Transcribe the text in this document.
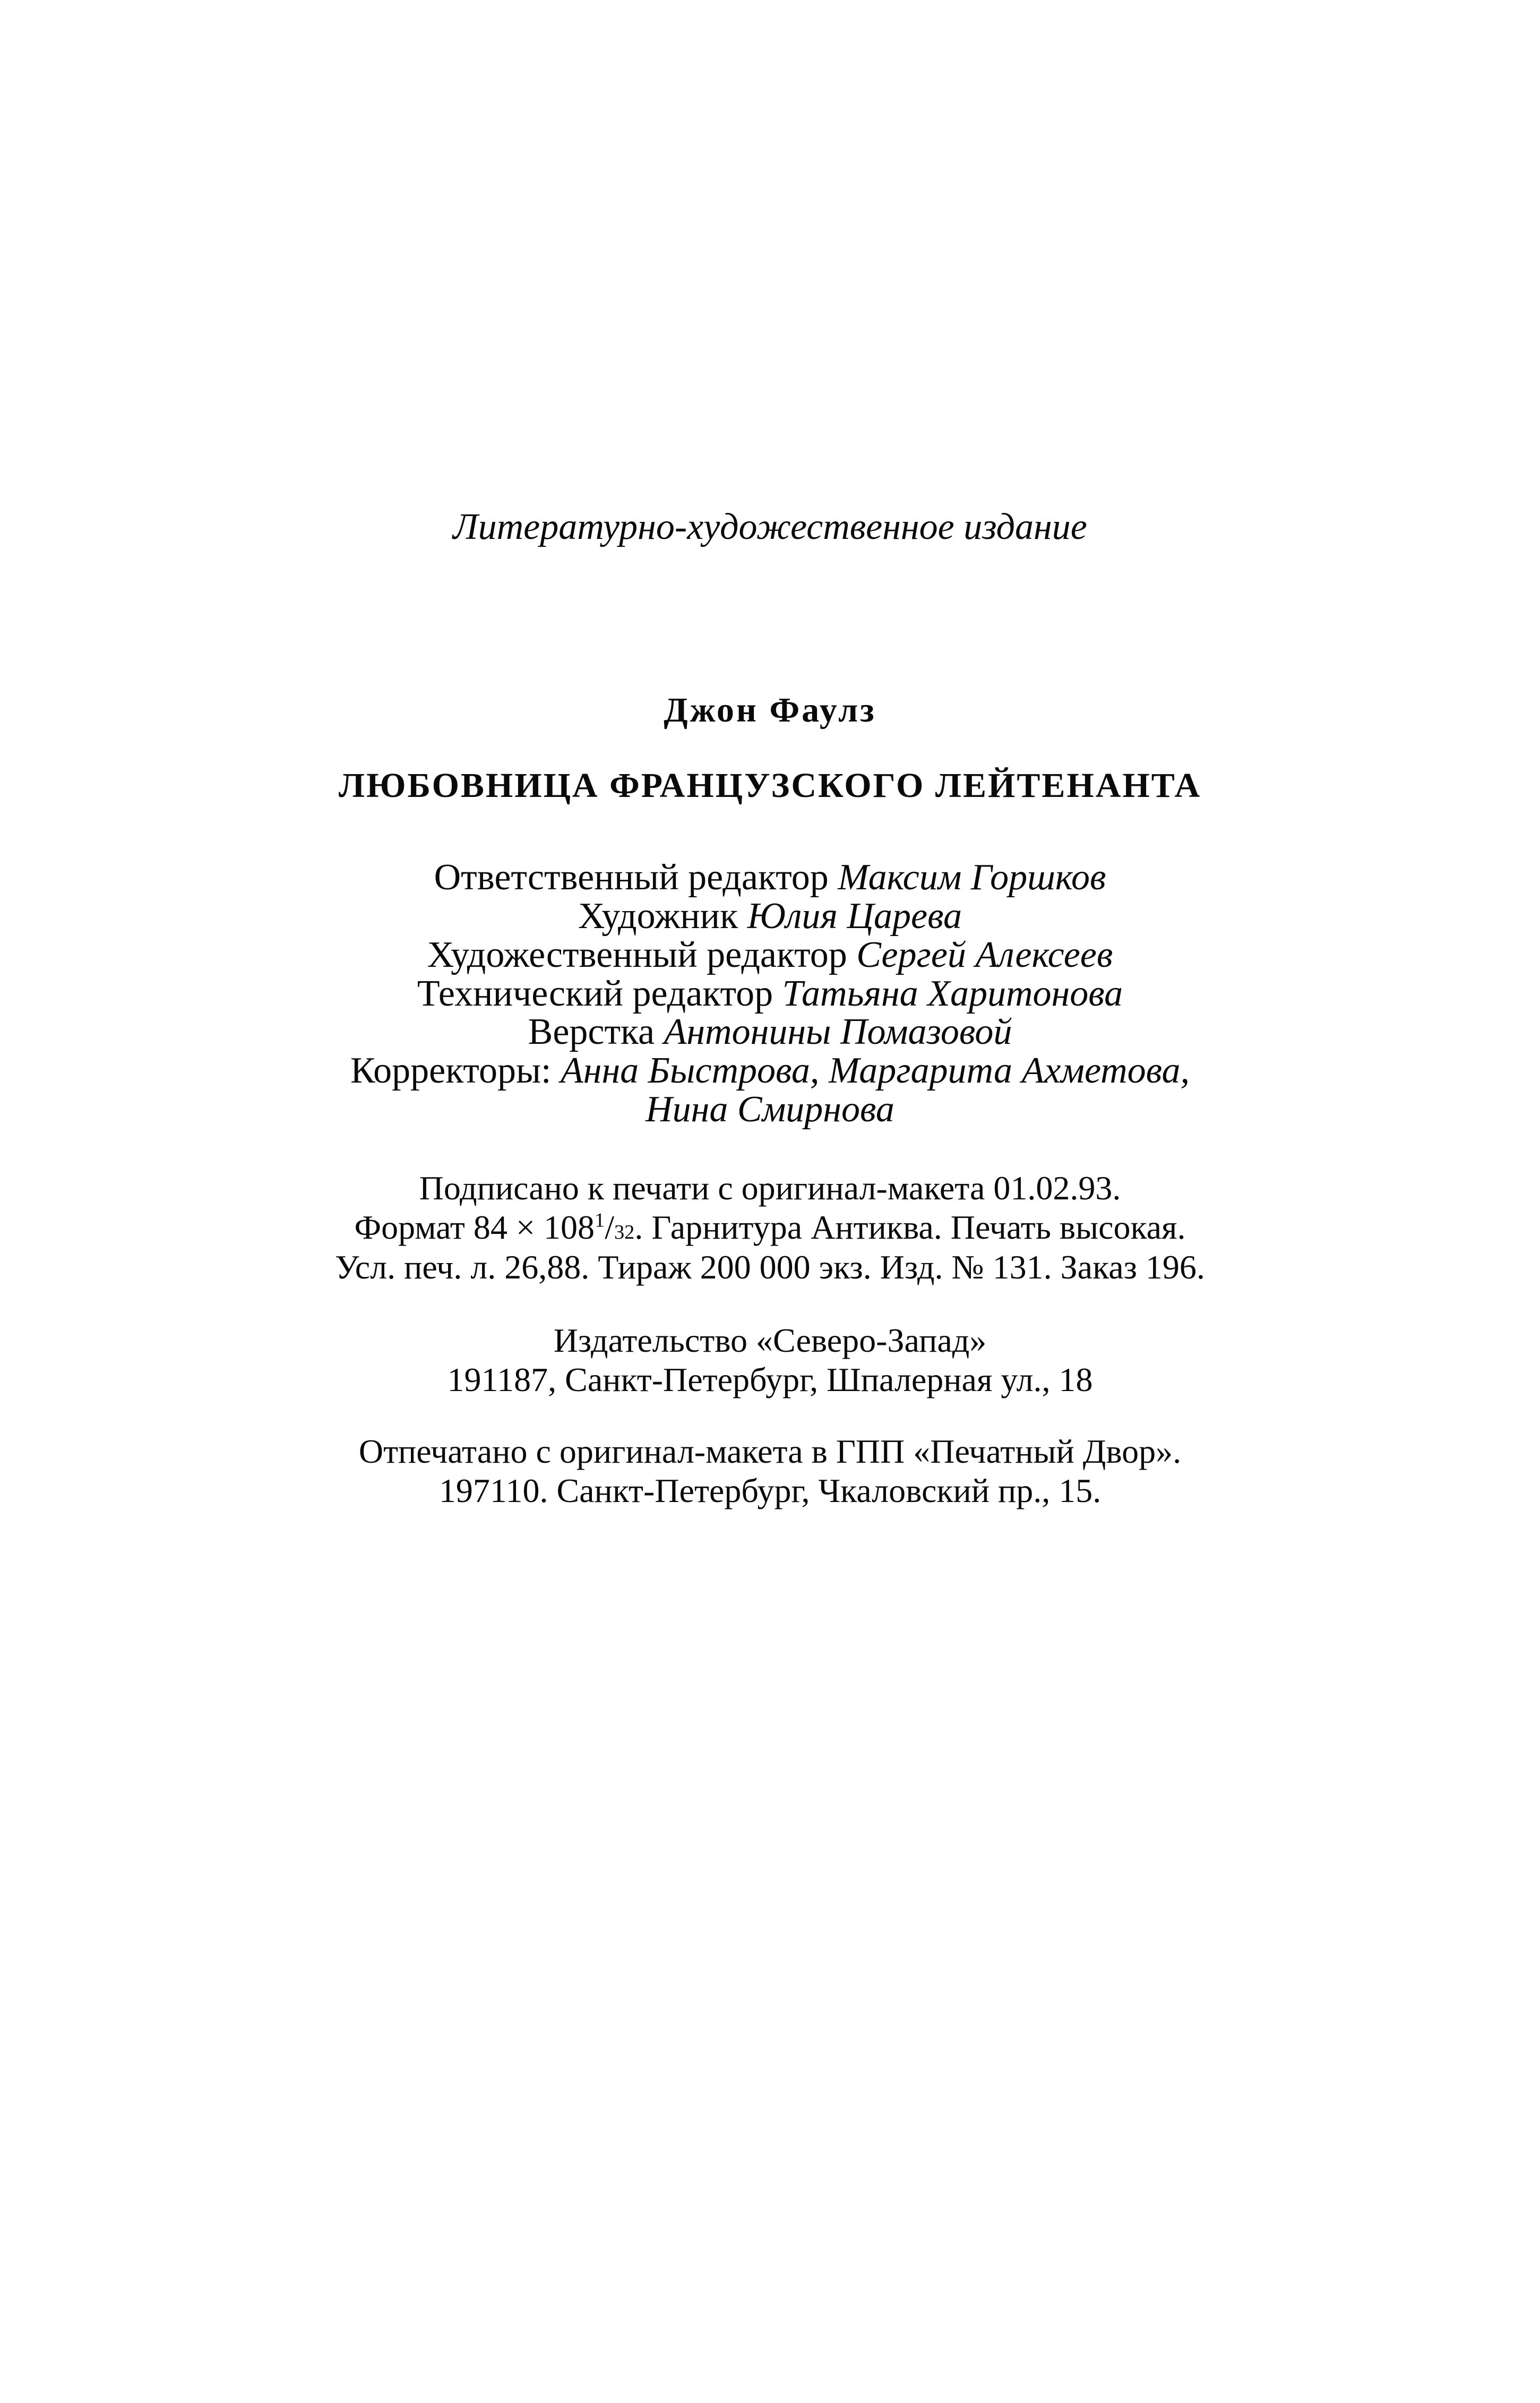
Литературно-художественное издание
Джон Фаулз
ЛЮБОВНИЦА ФРАНЦУЗСКОГО ЛЕЙТЕНАНТА
Ответственный редактор Максим Горшков
Художник Юлия Царева
Художественный редактор Сергей Алексеев
Технический редактор Татьяна Харитонова
Верстка Антонины Помазовой
Корректоры: Анна Быстрова, Маргарита Ахметова,
Нина Смирнова
Подписано к печати с оригинал-макета 01.02.93.
Формат $84 \times 108^1/32$. Гарнитура Антиква. Печать высокая.
Усл. печ. л. 26,88. Тираж 200 000 экз. Изд. № 131. Заказ 196.
Издательство «Северо-Запад»
191187, Санкт-Петербург, Шпалерная ул., 18
Отпечатано с оригинал-макета в ГПП «Печатный Двор».
197110. Санкт-Петербург, Чкаловский пр., 15.
